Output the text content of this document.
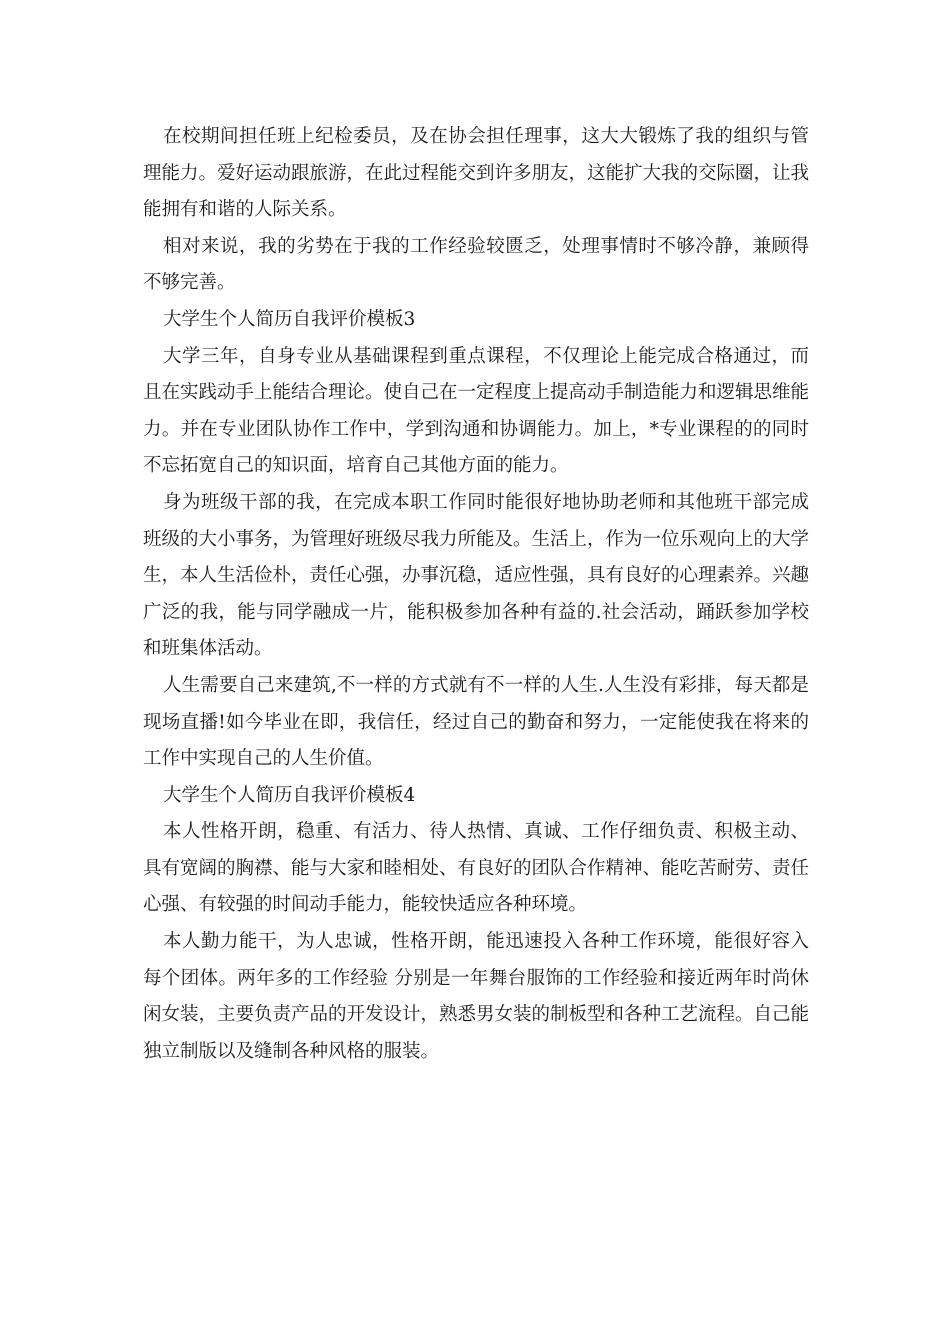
在校期间担任班上纪检委员，及在协会担任理事，这大大锻炼了我的组织与管理能力。爱好运动跟旅游，在此过程能交到许多朋友，这能扩大我的交际圈，让我能拥有和谐的人际关系。

相对来说，我的劣势在于我的工作经验较匮乏，处理事情时不够冷静，兼顾得不够完善。

大学生个人简历自我评价模板3

大学三年，自身专业从基础课程到重点课程，不仅理论上能完成合格通过，而且在实践动手上能结合理论。使自己在一定程度上提高动手制造能力和逻辑思维能力。并在专业团队协作工作中，学到沟通和协调能力。加上，*专业课程的的同时不忘拓宽自己的知识面，培育自己其他方面的能力。

身为班级干部的我，在完成本职工作同时能很好地协助老师和其他班干部完成班级的大小事务，为管理好班级尽我力所能及。生活上，作为一位乐观向上的大学生，本人生活俭朴，责任心强，办事沉稳，适应性强，具有良好的心理素养。兴趣广泛的我，能与同学融成一片，能积极参加各种有益的.社会活动，踊跃参加学校和班集体活动。

人生需要自己来建筑,不一样的方式就有不一样的人生.人生没有彩排，每天都是现场直播!如今毕业在即，我信任，经过自己的勤奋和努力，一定能使我在将来的工作中实现自己的人生价值。

大学生个人简历自我评价模板4

本人性格开朗，稳重、有活力、待人热情、真诚、工作仔细负责、积极主动、具有宽阔的胸襟、能与大家和睦相处、有良好的团队合作精神、能吃苦耐劳、责任心强、有较强的时间动手能力，能较快适应各种环境。

本人勤力能干，为人忠诚，性格开朗，能迅速投入各种工作环境，能很好容入每个团体。两年多的工作经验 分别是一年舞台服饰的工作经验和接近两年时尚休闲女装，主要负责产品的开发设计，熟悉男女装的制板型和各种工艺流程。自己能独立制版以及缝制各种风格的服装。
